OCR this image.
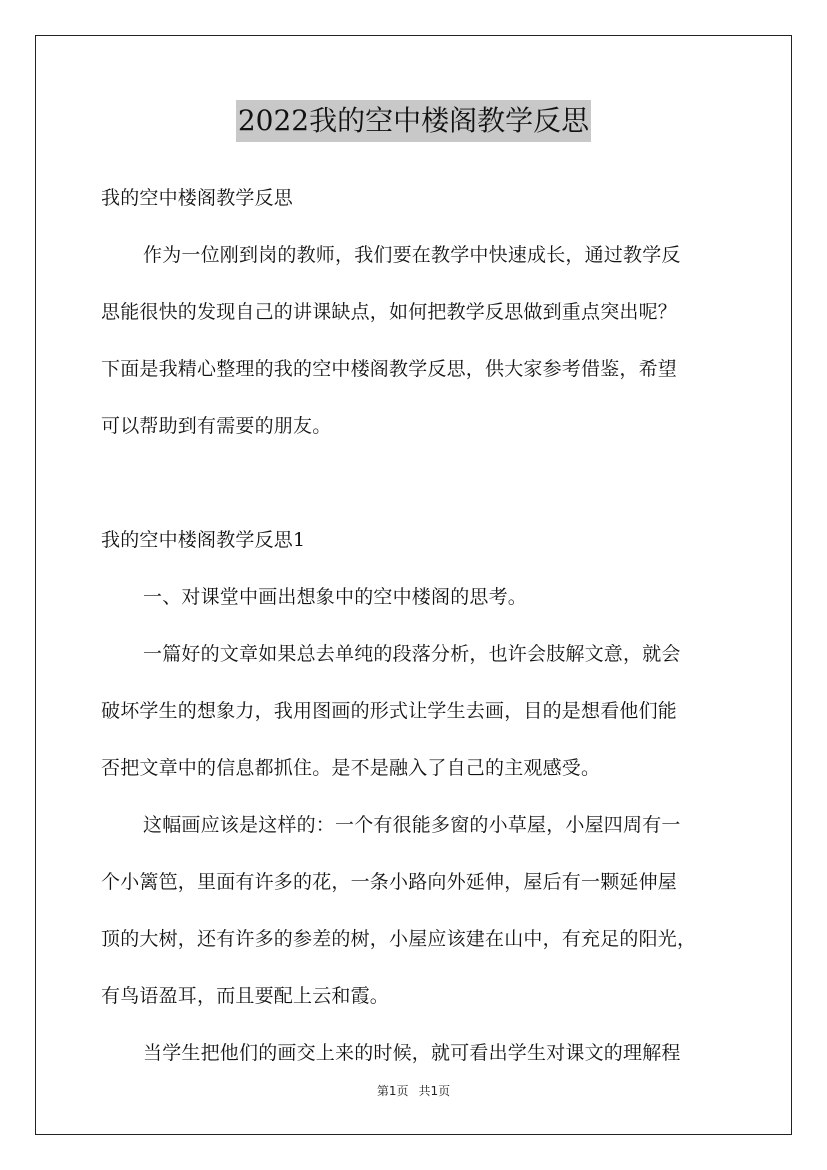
2022我的空中楼阁教学反思
我的空中楼阁教学反思
作为一位刚到岗的教师，我们要在教学中快速成长，通过教学反
思能很快的发现自己的讲课缺点，如何把教学反思做到重点突出呢？
下面是我精心整理的我的空中楼阁教学反思，供大家参考借鉴，希望
可以帮助到有需要的朋友。
我的空中楼阁教学反思1
一、对课堂中画出想象中的空中楼阁的思考。
一篇好的文章如果总去单纯的段落分析，也许会肢解文意，就会
破坏学生的想象力，我用图画的形式让学生去画，目的是想看他们能
否把文章中的信息都抓住。是不是融入了自己的主观感受。
这幅画应该是这样的：一个有很能多窗的小草屋，小屋四周有一
个小篱笆，里面有许多的花，一条小路向外延伸，屋后有一颗延伸屋
顶的大树，还有许多的参差的树，小屋应该建在山中，有充足的阳光，
有鸟语盈耳，而且要配上云和霞。
当学生把他们的画交上来的时候，就可看出学生对课文的理解程
第1页 共1页
